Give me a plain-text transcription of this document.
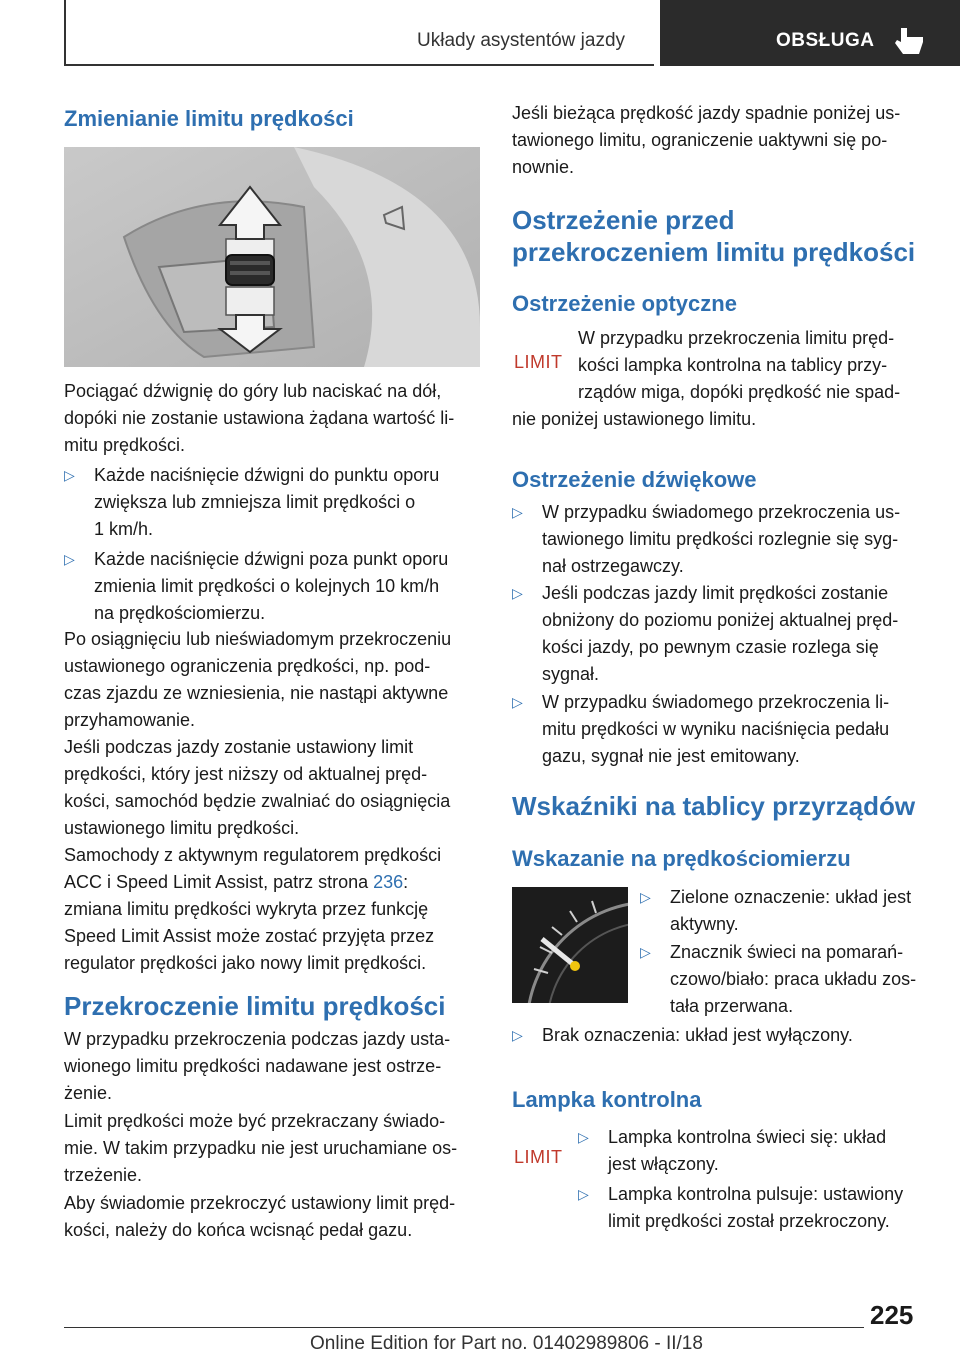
Układy asystentów jazdy	OBSŁUGA
Zmienianie limitu prędkości
Pociągać dźwignię do góry lub naciskać na dół,
dopóki nie zostanie ustawiona żądana wartość li-
mitu prędkości.
▷ Każde naciśnięcie dźwigni do punktu oporu
zwiększa lub zmniejsza limit prędkości o
1 km/h.
▷ Każde naciśnięcie dźwigni poza punkt oporu
zmienia limit prędkości o kolejnych 10 km/h
na prędkościomierzu.
Po osiągnięciu lub nieświadomym przekroczeniu
ustawionego ograniczenia prędkości, np. pod-
czas zjazdu ze wzniesienia, nie nastąpi aktywne
przyhamowanie.
Jeśli podczas jazdy zostanie ustawiony limit
prędkości, który jest niższy od aktualnej pręd-
kości, samochód będzie zwalniać do osiągnięcia
ustawionego limitu prędkości.
Samochody z aktywnym regulatorem prędkości
ACC i Speed Limit Assist, patrz strona 236:
zmiana limitu prędkości wykryta przez funkcję
Speed Limit Assist może zostać przyjęta przez
regulator prędkości jako nowy limit prędkości.
Przekroczenie limitu prędkości
W przypadku przekroczenia podczas jazdy usta-
wionego limitu prędkości nadawane jest ostrze-
żenie.
Limit prędkości może być przekraczany świado-
mie. W takim przypadku nie jest uruchamiane os-
trzeżenie.
Aby świadomie przekroczyć ustawiony limit pręd-
kości, należy do końca wcisnąć pedał gazu.
Jeśli bieżąca prędkość jazdy spadnie poniżej us-
tawionego limitu, ograniczenie uaktywni się po-
nownie.
Ostrzeżenie przed
przekroczeniem limitu prędkości
Ostrzeżenie optyczne
LIMIT
W przypadku przekroczenia limitu pręd-
kości lampka kontrolna na tablicy przy-
rządów miga, dopóki prędkość nie spad-
nie poniżej ustawionego limitu.
Ostrzeżenie dźwiękowe
▷ W przypadku świadomego przekroczenia us-
tawionego limitu prędkości rozlegnie się syg-
nał ostrzegawczy.
▷ Jeśli podczas jazdy limit prędkości zostanie
obniżony do poziomu poniżej aktualnej pręd-
kości jazdy, po pewnym czasie rozlega się
sygnał.
▷ W przypadku świadomego przekroczenia li-
mitu prędkości w wyniku naciśnięcia pedału
gazu, sygnał nie jest emitowany.
Wskaźniki na tablicy przyrządów
Wskazanie na prędkościomierzu
▷ Zielone oznaczenie: układ jest
aktywny.
▷ Znacznik świeci na pomarań-
czowo/biało: praca układu zos-
tała przerwana.
▷ Brak oznaczenia: układ jest wyłączony.
Lampka kontrolna
LIMIT
▷ Lampka kontrolna świeci się: układ
jest włączony.
▷ Lampka kontrolna pulsuje: ustawiony
limit prędkości został przekroczony.
225
Online Edition for Part no. 01402989806 - II/18
